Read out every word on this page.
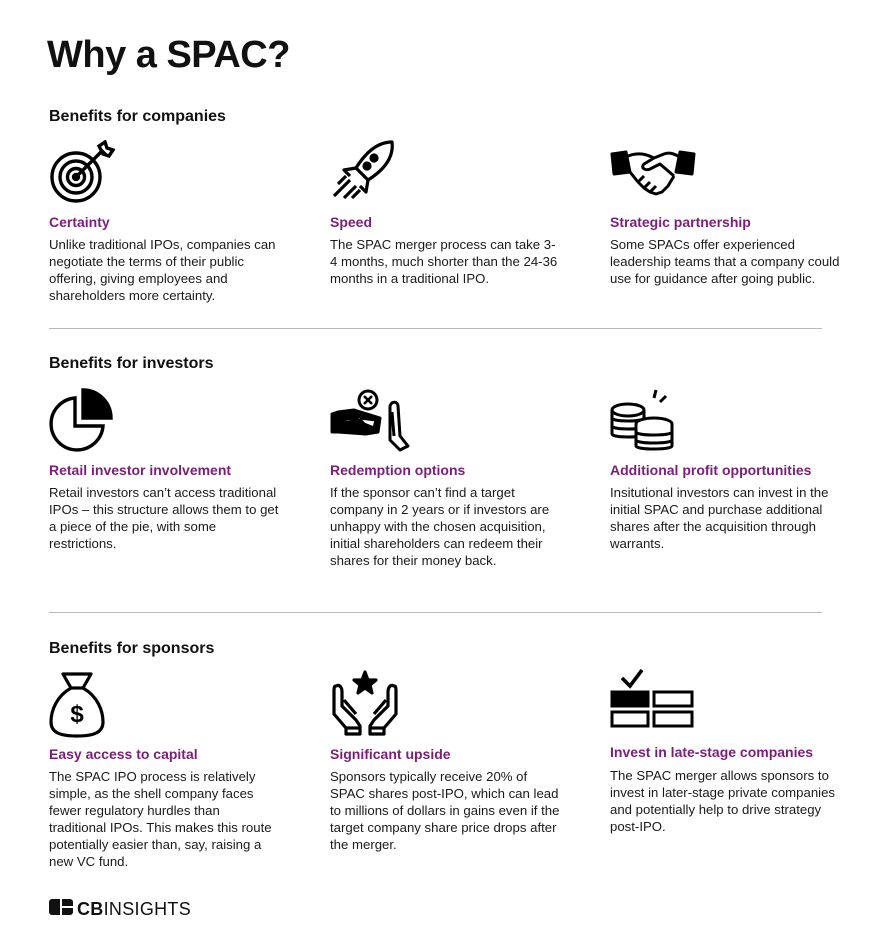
Why a SPAC?
Benefits for companies
Certainty
Unlike traditional IPOs, companies can negotiate the terms of their public offering, giving employees and shareholders more certainty.
Speed
The SPAC merger process can take 3-4 months, much shorter than the 24-36 months in a traditional IPO.
Strategic partnership
Some SPACs offer experienced leadership teams that a company could use for guidance after going public.
Benefits for investors
Retail investor involvement
Retail investors can’t access traditional IPOs – this structure allows them to get a piece of the pie, with some restrictions.
Redemption options
If the sponsor can’t find a target company in 2 years or if investors are unhappy with the chosen acquisition, initial shareholders can redeem their shares for their money back.
Additional profit opportunities
Insitutional investors can invest in the initial SPAC and purchase additional shares after the acquisition through warrants.
Benefits for sponsors
$
Easy access to capital
The SPAC IPO process is relatively simple, as the shell company faces fewer regulatory hurdles than traditional IPOs. This makes this route potentially easier than, say, raising a new VC fund.
Significant upside
Sponsors typically receive 20% of SPAC shares post-IPO, which can lead to millions of dollars in gains even if the target company share price drops after the merger.
Invest in late-stage companies
The SPAC merger allows sponsors to invest in later-stage private companies and potentially help to drive strategy post-IPO.
CBINSIGHTS
